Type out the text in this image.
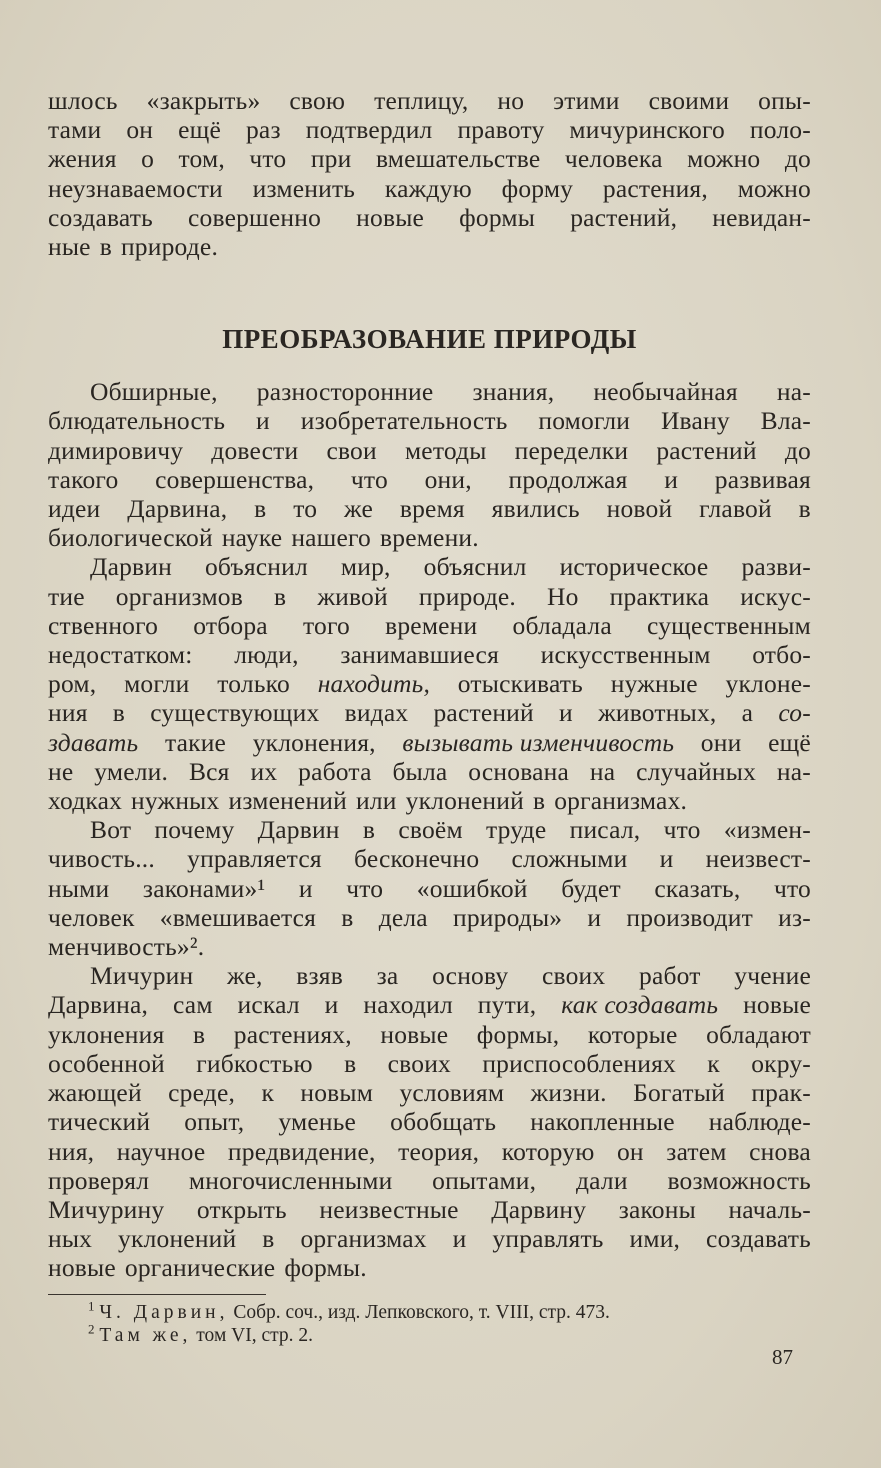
шлось «закрыть» свою теплицу, но этими своими опы-
тами он ещё раз подтвердил правоту мичуринского поло-
жения о том, что при вмешательстве человека можно до
неузнаваемости изменить каждую форму растения, можно
создавать совершенно новые формы растений, невидан-
ные в природе.
ПРЕОБРАЗОВАНИЕ ПРИРОДЫ
Обширные, разносторонние знания, необычайная на-
блюдательность и изобретательность помогли Ивану Вла-
димировичу довести свои методы переделки растений до
такого совершенства, что они, продолжая и развивая
идеи Дарвина, в то же время явились новой главой в
биологической науке нашего времени.
Дарвин объяснил мир, объяснил историческое разви-
тие организмов в живой природе. Но практика искус-
ственного отбора того времени обладала существенным
недостатком: люди, занимавшиеся искусственным отбо-
ром, могли только находить, отыскивать нужные уклоне-
ния в существующих видах растений и животных, а со-
здавать такие уклонения, вызывать изменчивость они ещё
не умели. Вся их работа была основана на случайных на-
ходках нужных изменений или уклонений в организмах.
Вот почему Дарвин в своём труде писал, что «измен-
чивость... управляется бесконечно сложными и неизвест-
ными законами»¹ и что «ошибкой будет сказать, что
человек «вмешивается в дела природы» и производит из-
менчивость»².
Мичурин же, взяв за основу своих работ учение
Дарвина, сам искал и находил пути, как создавать новые
уклонения в растениях, новые формы, которые обладают
особенной гибкостью в своих приспособлениях к окру-
жающей среде, к новым условиям жизни. Богатый прак-
тический опыт, уменье обобщать накопленные наблюде-
ния, научное предвидение, теория, которую он затем снова
проверял многочисленными опытами, дали возможность
Мичурину открыть неизвестные Дарвину законы началь-
ных уклонений в организмах и управлять ими, создавать
новые органические формы.
$^1$ Ч. Дарвин, Собр. соч., изд. Лепковского, т. VIII, стр. 473.
$^2$ Там же, том VI, стр. 2.
87
